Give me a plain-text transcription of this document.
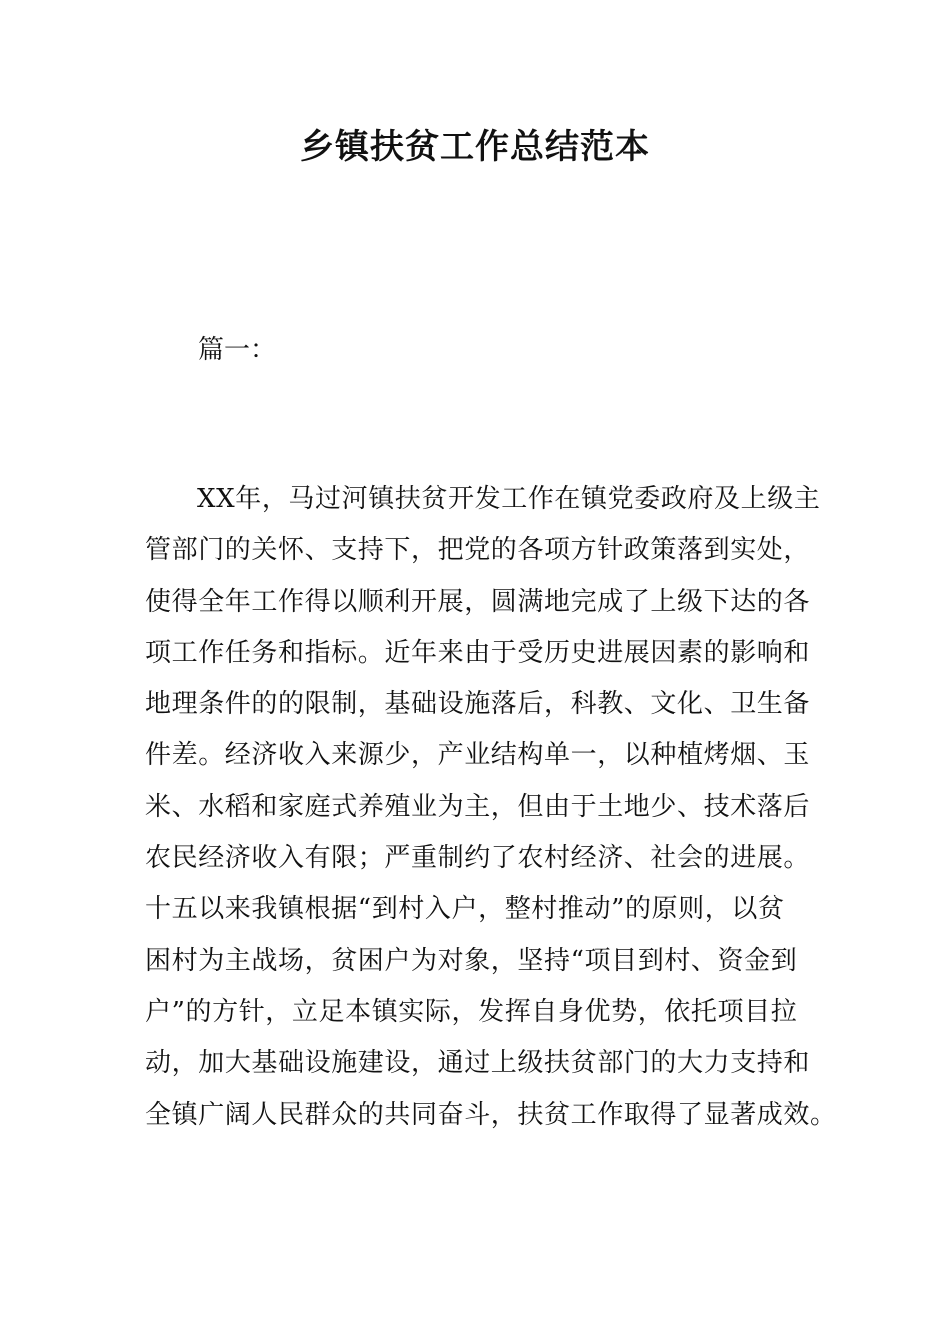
乡镇扶贫工作总结范本

篇一：

XX年，马过河镇扶贫开发工作在镇党委政府及上级主
管部门的关怀、支持下，把党的各项方针政策落到实处，
使得全年工作得以顺利开展，圆满地完成了上级下达的各
项工作任务和指标。近年来由于受历史进展因素的影响和
地理条件的的限制，基础设施落后，科教、文化、卫生备
件差。经济收入来源少，产业结构单一，以种植烤烟、玉
米、水稻和家庭式养殖业为主，但由于土地少、技术落后
农民经济收入有限；严重制约了农村经济、社会的进展。
十五以来我镇根据“到村入户，整村推动”的原则，以贫
困村为主战场，贫困户为对象，坚持“项目到村、资金到
户”的方针，立足本镇实际，发挥自身优势，依托项目拉
动，加大基础设施建设，通过上级扶贫部门的大力支持和
全镇广阔人民群众的共同奋斗，扶贫工作取得了显著成效。
